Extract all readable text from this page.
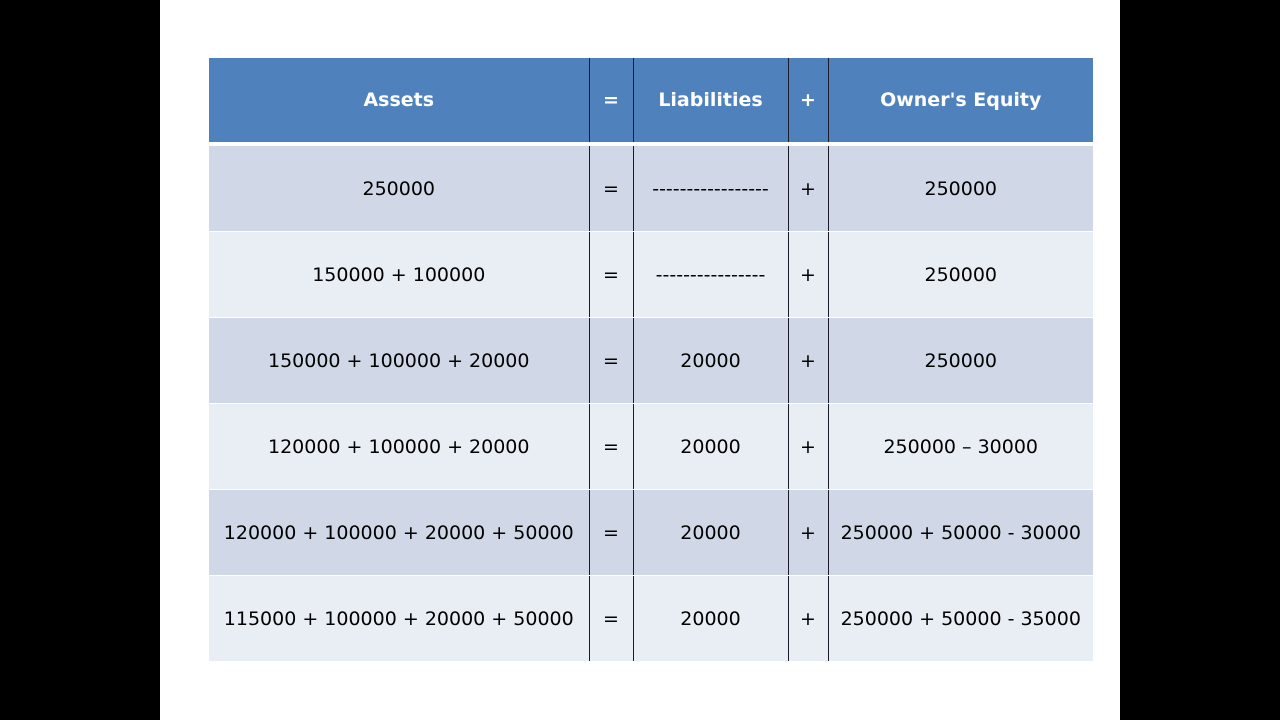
Assets	=	Liabilities	+	Owner's Equity
250000	=	-----------------	+	250000
150000 + 100000	=	----------------	+	250000
150000 + 100000 + 20000	=	20000	+	250000
120000 + 100000 + 20000	=	20000	+	250000 – 30000
120000 + 100000 + 20000 + 50000	=	20000	+	250000 + 50000 - 30000
115000 + 100000 + 20000 + 50000	=	20000	+	250000 + 50000 - 35000
